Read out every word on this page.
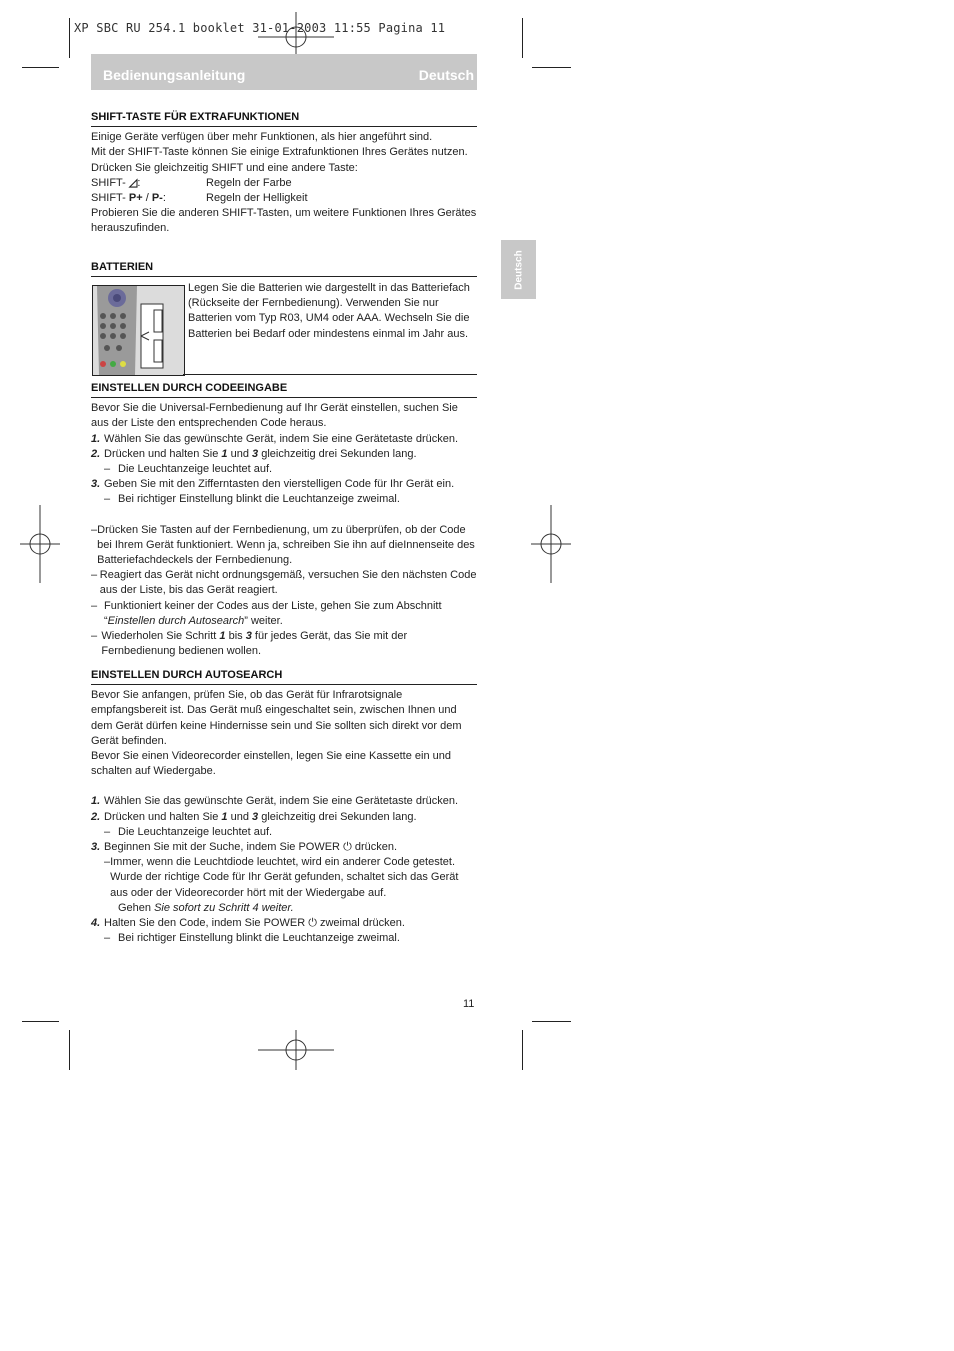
XP SBC RU 254.1 booklet 31-01-2003 11:55 Pagina 11
Bedienungsanleitung	Deutsch
Deutsch

SHIFT-TASTE FÜR EXTRAFUNKTIONEN

Einige Geräte verfügen über mehr Funktionen, als hier angeführt sind.

Mit der SHIFT-Taste können Sie einige Extrafunktionen Ihres Gerätes nutzen.

Drücken Sie gleichzeitig SHIFT und eine andere Taste:

SHIFT- ◿:	Regeln der Farbe
SHIFT- P+ / P-:	Regeln der Helligkeit

Probieren Sie die anderen SHIFT-Tasten, um weitere Funktionen Ihres Gerätes herauszufinden.

BATTERIEN

Legen Sie die Batterien wie dargestellt in das Batteriefach (Rückseite der Fernbedienung). Verwenden Sie nur Batterien vom Typ R03, UM4 oder AAA. Wechseln Sie die Batterien bei Bedarf oder mindestens einmal im Jahr aus.

EINSTELLEN DURCH CODEEINGABE

Bevor Sie die Universal-Fernbedienung auf Ihr Gerät einstellen, suchen Sie aus der Liste den entsprechenden Code heraus.

1. Wählen Sie das gewünschte Gerät, indem Sie eine Gerätetaste drücken.
2. Drücken und halten Sie 1 und 3 gleichzeitig drei Sekunden lang.
– Die Leuchtanzeige leuchtet auf.
3. Geben Sie mit den Zifferntasten den vierstelligen Code für Ihr Gerät ein.
– Bei richtiger Einstellung blinkt die Leuchtanzeige zweimal.
– Drücken Sie Tasten auf der Fernbedienung, um zu überprüfen, ob der Code bei Ihrem Gerät funktioniert. Wenn ja, schreiben Sie ihn auf dieInnenseite des Batteriefachdeckels der Fernbedienung.
– Reagiert das Gerät nicht ordnungsgemäß, versuchen Sie den nächsten Code aus der Liste, bis das Gerät reagiert.
– Funktioniert keiner der Codes aus der Liste, gehen Sie zum Abschnitt
“Einstellen durch Autosearch” weiter.
– Wiederholen Sie Schritt 1 bis 3 für jedes Gerät, das Sie mit der Fernbedienung bedienen wollen.

EINSTELLEN DURCH AUTOSEARCH

Bevor Sie anfangen, prüfen Sie, ob das Gerät für Infrarotsignale empfangsbereit ist. Das Gerät muß eingeschaltet sein, zwischen Ihnen und dem Gerät dürfen keine Hindernisse sein und Sie sollten sich direkt vor dem Gerät befinden.

Bevor Sie einen Videorecorder einstellen, legen Sie eine Kassette ein und schalten auf Wiedergabe.

1. Wählen Sie das gewünschte Gerät, indem Sie eine Gerätetaste drücken.
2. Drücken und halten Sie 1 und 3 gleichzeitig drei Sekunden lang.
– Die Leuchtanzeige leuchtet auf.
3. Beginnen Sie mit der Suche, indem Sie POWER ⏻ drücken.
– Immer, wenn die Leuchtdiode leuchtet, wird ein anderer Code getestet. Wurde der richtige Code für Ihr Gerät gefunden, schaltet sich das Gerät aus oder der Videorecorder hört mit der Wiedergabe auf.
Gehen Sie sofort zu Schritt 4 weiter.
4. Halten Sie den Code, indem Sie POWER ⏻ zweimal drücken.
– Bei richtiger Einstellung blinkt die Leuchtanzeige zweimal.
11
